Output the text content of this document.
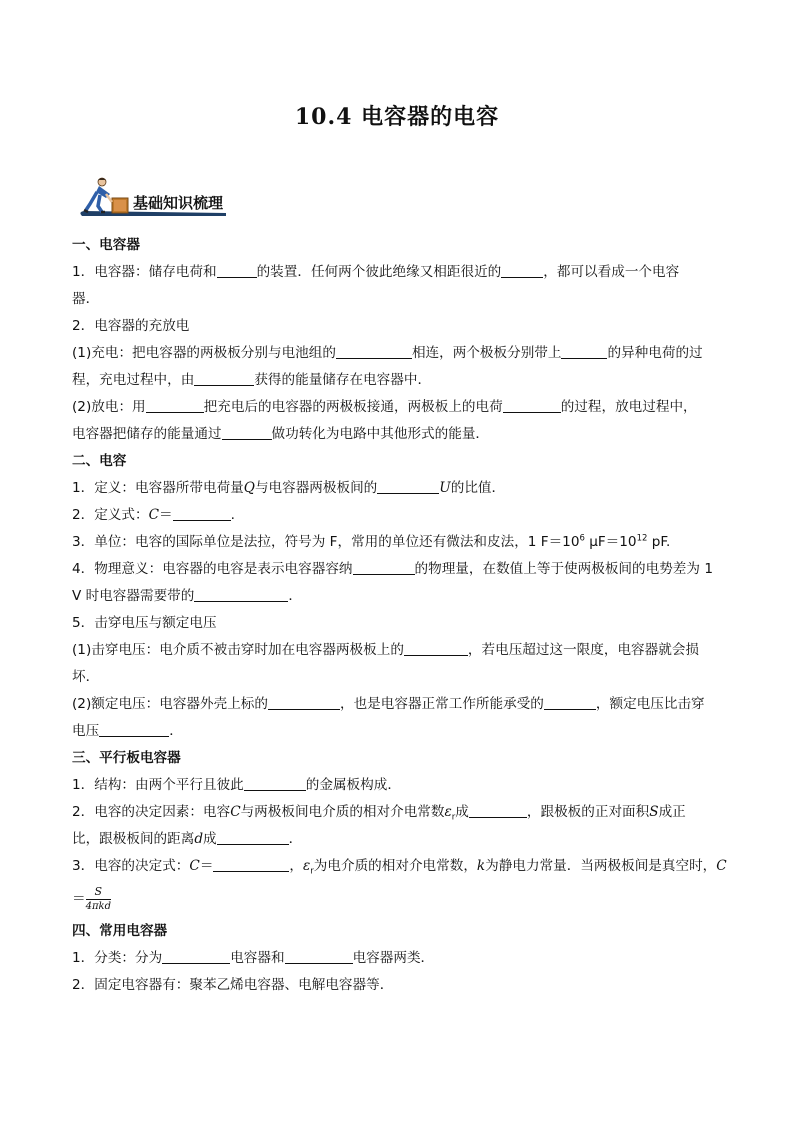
10.4 电容器的电容
基础知识梳理
一、电容器
1．电容器：储存电荷和	的装置．任何两个彼此绝缘又相距很近的	，都可以看成一个电容
器．
2．电容器的充放电
(1)充电：把电容器的两极板分别与电池组的	相连，两个极板分别带上	的异种电荷的过
程，充电过程中，由	获得的能量储存在电容器中．
(2)放电：用	把充电后的电容器的两极板接通，两极板上的电荷	的过程，放电过程中，
电容器把储存的能量通过	做功转化为电路中其他形式的能量．
二、电容
1．定义：电容器所带电荷量Q与电容器两极板间的	U的比值．
2．定义式：C＝	.
3．单位：电容的国际单位是法拉，符号为 F，常用的单位还有微法和皮法，1 $F=10^6$ $\mu F=10^{12}$ pF.
4．物理意义：电容器的电容是表示电容器容纳	的物理量，在数值上等于使两极板间的电势差为 1
V 时电容器需要带的	．
5．击穿电压与额定电压
(1)击穿电压：电介质不被击穿时加在电容器两极板上的	，若电压超过这一限度，电容器就会损
坏．
(2)额定电压：电容器外壳上标的	，也是电容器正常工作所能承受的	，额定电压比击穿
电压	．
三、平行板电容器
1．结构：由两个平行且彼此	的金属板构成．
2．电容的决定因素：电容C与两极板间电介质的相对介电常数$\varepsilon_r$成	，跟极板的正对面积S成正
比，跟极板间的距离d成	．
3．电容的决定式：C＝	，$\varepsilon_r$为电介质的相对介电常数，k为静电力常量．当两极板间是真空时，C
＝ $\frac{S}{\text{4πkd}}$
四、常用电容器
1．分类：分为	电容器和	电容器两类．
2．固定电容器有：聚苯乙烯电容器、电解电容器等．
